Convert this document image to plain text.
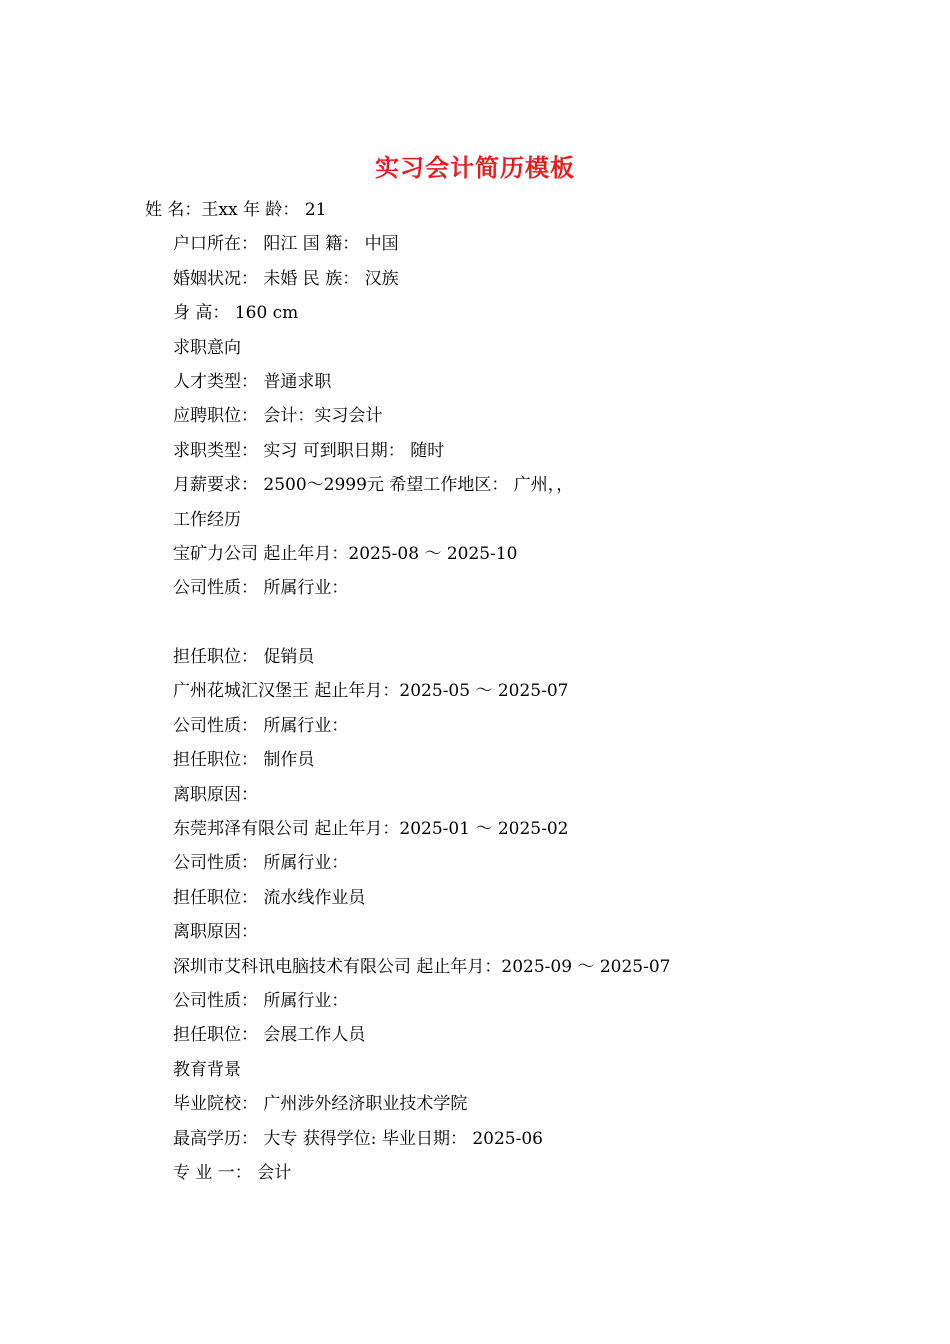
实习会计简历模板
姓 名：王xx 年 龄： 21
户口所在： 阳江 国 籍： 中国
婚姻状况： 未婚 民 族： 汉族
身 高： 160 cm
求职意向
人才类型： 普通求职
应聘职位： 会计：实习会计
求职类型： 实习 可到职日期： 随时
月薪要求： 2500～2999元 希望工作地区： 广州，，
工作经历
宝矿力公司 起止年月：2025-08 ～ 2025-10
公司性质： 所属行业：
担任职位： 促销员
广州花城汇汉堡王 起止年月：2025-05 ～ 2025-07
公司性质： 所属行业：
担任职位： 制作员
离职原因：
东莞邦泽有限公司 起止年月：2025-01 ～ 2025-02
公司性质： 所属行业：
担任职位： 流水线作业员
离职原因：
深圳市艾科讯电脑技术有限公司 起止年月：2025-09 ～ 2025-07
公司性质： 所属行业：
担任职位： 会展工作人员
教育背景
毕业院校： 广州涉外经济职业技术学院
最高学历： 大专 获得学位: 毕业日期： 2025-06
专 业 一： 会计
